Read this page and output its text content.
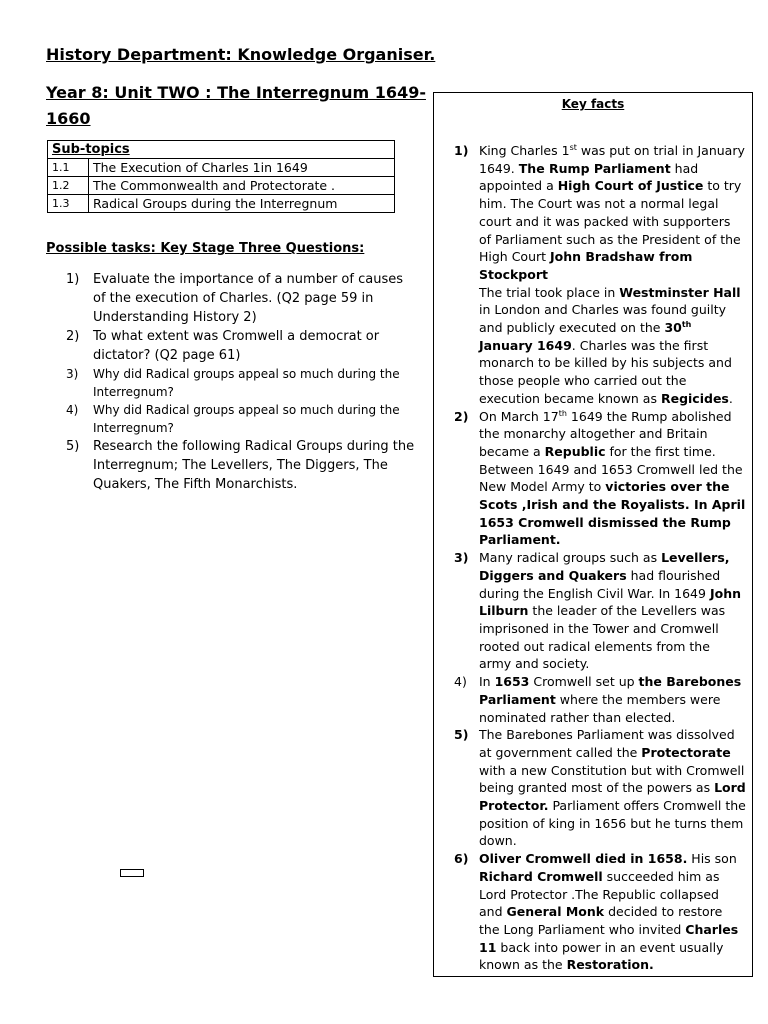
History Department: Knowledge Organiser.
Year 8: Unit TWO : The Interregnum 1649-1660
Sub-topics	
1.1	The Execution of Charles 1in 1649
1.2	The Commonwealth and Protectorate .
1.3	Radical Groups during the Interregnum
Possible tasks: Key Stage Three Questions:
1) Evaluate the importance of a number of causes of the execution of Charles. (Q2 page 59 in Understanding History 2)
2) To what extent was Cromwell a democrat or dictator? (Q2 page 61)
3) Why did Radical groups appeal so much during the Interregnum?
4) Why did Radical groups appeal so much during the Interregnum?
5) Research the following Radical Groups during the Interregnum; The Levellers, The Diggers, The Quakers, The Fifth Monarchists.
Key facts
1) King Charles 1st was put on trial in January 1649. The Rump Parliament had appointed a High Court of Justice to try him. The Court was not a normal legal court and it was packed with supporters of Parliament such as the President of the High Court John Bradshaw from Stockport
The trial took place in Westminster Hall in London and Charles was found guilty and publicly executed on the 30th January 1649. Charles was the first monarch to be killed by his subjects and those people who carried out the execution became known as Regicides.
2) On March 17th 1649 the Rump abolished the monarchy altogether and Britain became a Republic for the first time. Between 1649 and 1653 Cromwell led the New Model Army to victories over the Scots ,Irish and the Royalists. In April 1653 Cromwell dismissed the Rump Parliament.
3) Many radical groups such as Levellers, Diggers and Quakers had flourished during the English Civil War. In 1649 John Lilburn the leader of the Levellers was imprisoned in the Tower and Cromwell rooted out radical elements from the army and society.
4) In 1653 Cromwell set up the Barebones Parliament where the members were nominated rather than elected.
5) The Barebones Parliament was dissolved at government called the Protectorate with a new Constitution but with Cromwell being granted most of the powers as Lord Protector. Parliament offers Cromwell the position of king in 1656 but he turns them down.
6) Oliver Cromwell died in 1658. His son Richard Cromwell succeeded him as Lord Protector .The Republic collapsed and General Monk decided to restore the Long Parliament who invited Charles 11 back into power in an event usually known as the Restoration.
